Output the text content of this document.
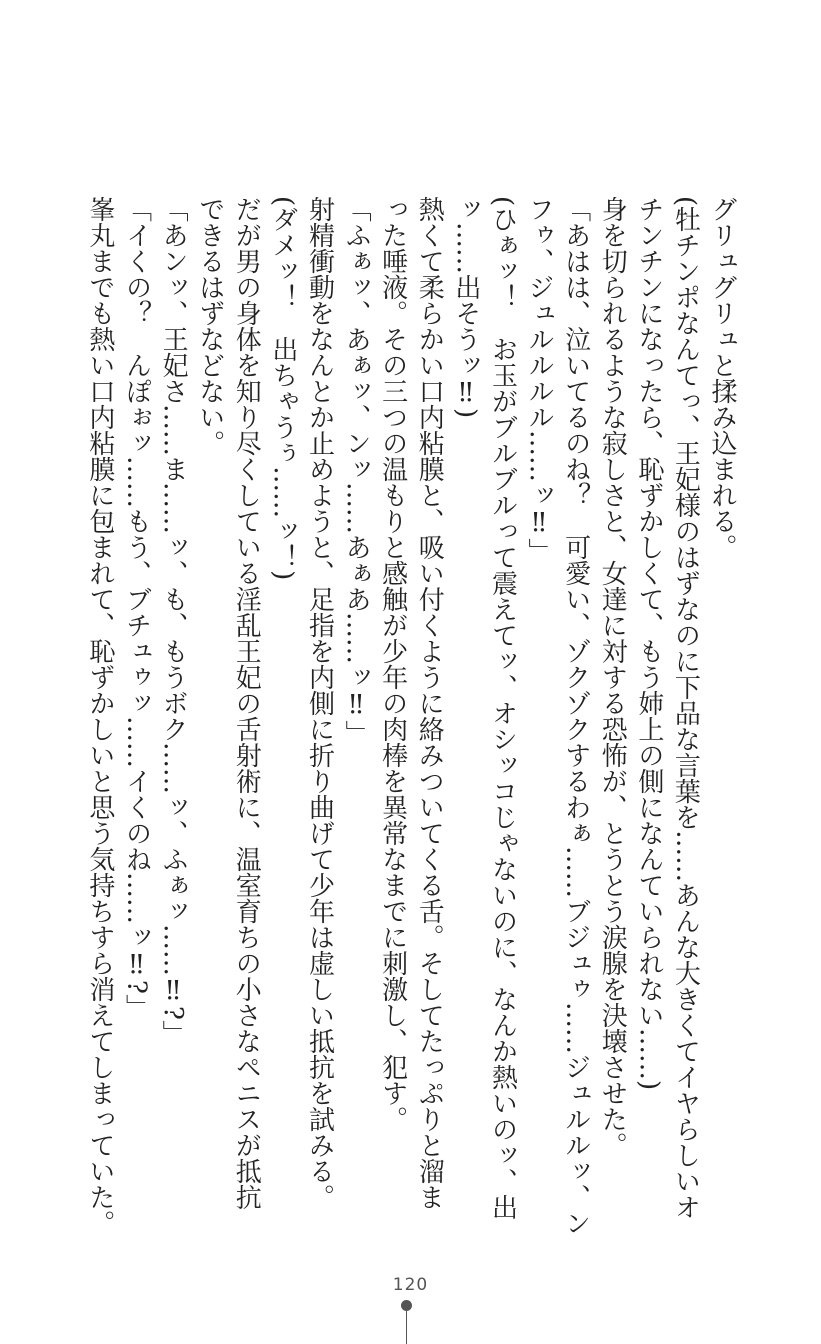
グリュグリュと揉み込まれる。
(牡チンポなんてっ、王妃様のはずなのに下品な言葉を……あんな大きくてイヤらしいオ
チンチンになったら、恥ずかしくて、もう姉上の側になんていられない……)
身を切られるような寂しさと、女達に対する恐怖が、とうとう涙腺を決壊させた。
「あはは、泣いてるのね？　可愛い、ゾクゾクするわぁ……ブジュゥ……ジュルルッ、ン
フゥ、ジュルルルル……ッ‼」
(ひぁッ！　お玉がブルブルって震えてッ、オシッコじゃないのに、なんか熱いのッ、出
ッ……出そうッ‼)
熱くて柔らかい口内粘膜と、吸い付くように絡みついてくる舌。そしてたっぷりと溜ま
った唾液。その三つの温もりと感触が少年の肉棒を異常なまでに刺激し、犯す。
「ふぁッ、あぁッ、ンッ……あぁあ……ッ‼」
射精衝動をなんとか止めようと、足指を内側に折り曲げて少年は虚しい抵抗を試みる。
(ダメッ！　出ちゃうぅ……ッ！)
だが男の身体を知り尽くしている淫乱王妃の舌射術に、温室育ちの小さなペニスが抵抗
できるはずなどない。
「あンッ、王妃さ……ま……ッ、も、もうボク……ッ、ふぁッ……‼?」
「イくの？　んぽぉッ……もう、ブチュゥッ……イくのね……ッ‼?」
峯丸までも熱い口内粘膜に包まれて、恥ずかしいと思う気持ちすら消えてしまっていた。
120
